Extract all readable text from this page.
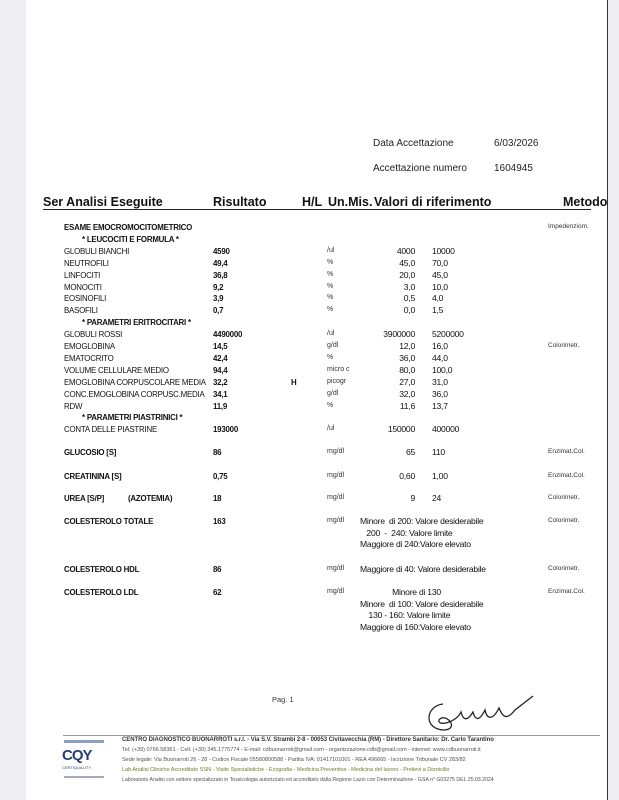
Data Accettazione	6/03/2026
Accettazione numero	1604945
Ser Analisi Eseguite	Risultato	H/L Un.Mis. Valori di riferimento	Metodo
ESAME EMOCROMOCITOMETRICO	Impedenziom.
* LEUCOCITI E FORMULA *
GLOBULI BIANCHI	4590	/ul	4000 10000
NEUTROFILI	49,4	%	45,0 70,0
LINFOCITI	36,8	%	20,0 45,0
MONOCITI	9,2	%	3,0 10,0
EOSINOFILI	3,9	%	0,5 4,0
BASOFILI	0,7	%	0,0 1,5
* PARAMETRI ERITROCITARI *
GLOBULI ROSSI	4490000	/ul	3900000 5200000
EMOGLOBINA	14,5	g/dl	12,0 16,0	Colorimetr.
EMATOCRITO	42,4	%	36,0 44,0
VOLUME CELLULARE MEDIO	94,4	micro c	80,0 100,0
EMOGLOBINA CORPUSCOLARE MEDIA 32,2	H	picogr	27,0 31,0
CONC.EMOGLOBINA CORPUSC.MEDIA 34,1	g/dl	32,0 36,0
RDW	11,9	%	11,6 13,7
* PARAMETRI PIASTRINICI *
CONTA DELLE PIASTRINE	193000	/ul	150000 400000
GLUCOSIO [S]	86	mg/dl	65 110	Enzimat.Col.
CREATININA [S]	0,75	mg/dl	0,60 1,00	Enzimat.Col.
UREA [S/P]	(AZOTEMIA)	18	mg/dl	9 24	Colorimetr.
COLESTEROLO TOTALE	163	mg/dl Minore  di 200: Valore desiderabile
200  -  240: Valore limite
Maggiore di 240:Valore elevato
Colorimetr.
COLESTEROLO HDL	86	mg/dl Maggiore di 40: Valore desiderabile	Colorimetr.
COLESTEROLO LDL	62	mg/dl Minore di 130
Minore  di 100: Valore desiderabile
130 - 160: Valore limite
Maggiore di 160:Valore elevato
Enzimat.Col.
Pag. 1
CQY
CERTIQUALITY
CENTRO DIAGNOSTICO BUONARROTI s.r.l. - Via S.V. Strambi 2-8 - 00053 Civitavecchia (RM) - Direttore Sanitario: Dr. Carlo Tarantino
Tel: (+39) 0766.58361 - Cell. (+39) 345.1775774 - E-mail: cdbuonarroti@gmail.com - organizzazione.cdb@gmail.com - internet: www.cdbuonarroti.it
Sede legale: Via Buonarroti 26 - 28 - Codice Fiscale 05580800588 - Partita IVA: 01417101001 - REA 496665 - Iscrizione Tribunale CV 283/82
Lab Analisi Cliniche Accreditato SSN - Visite Specialistiche - Ecografia - Medicina Preventiva - Medicina del lavoro - Prelievi a Domicilio
Laboratorio Analisi con settore specializzato in Tossicologia autorizzato ed accreditato dalla Regione Lazio con Determinazione - GSA n° G03275 DEL 25.03.2024
